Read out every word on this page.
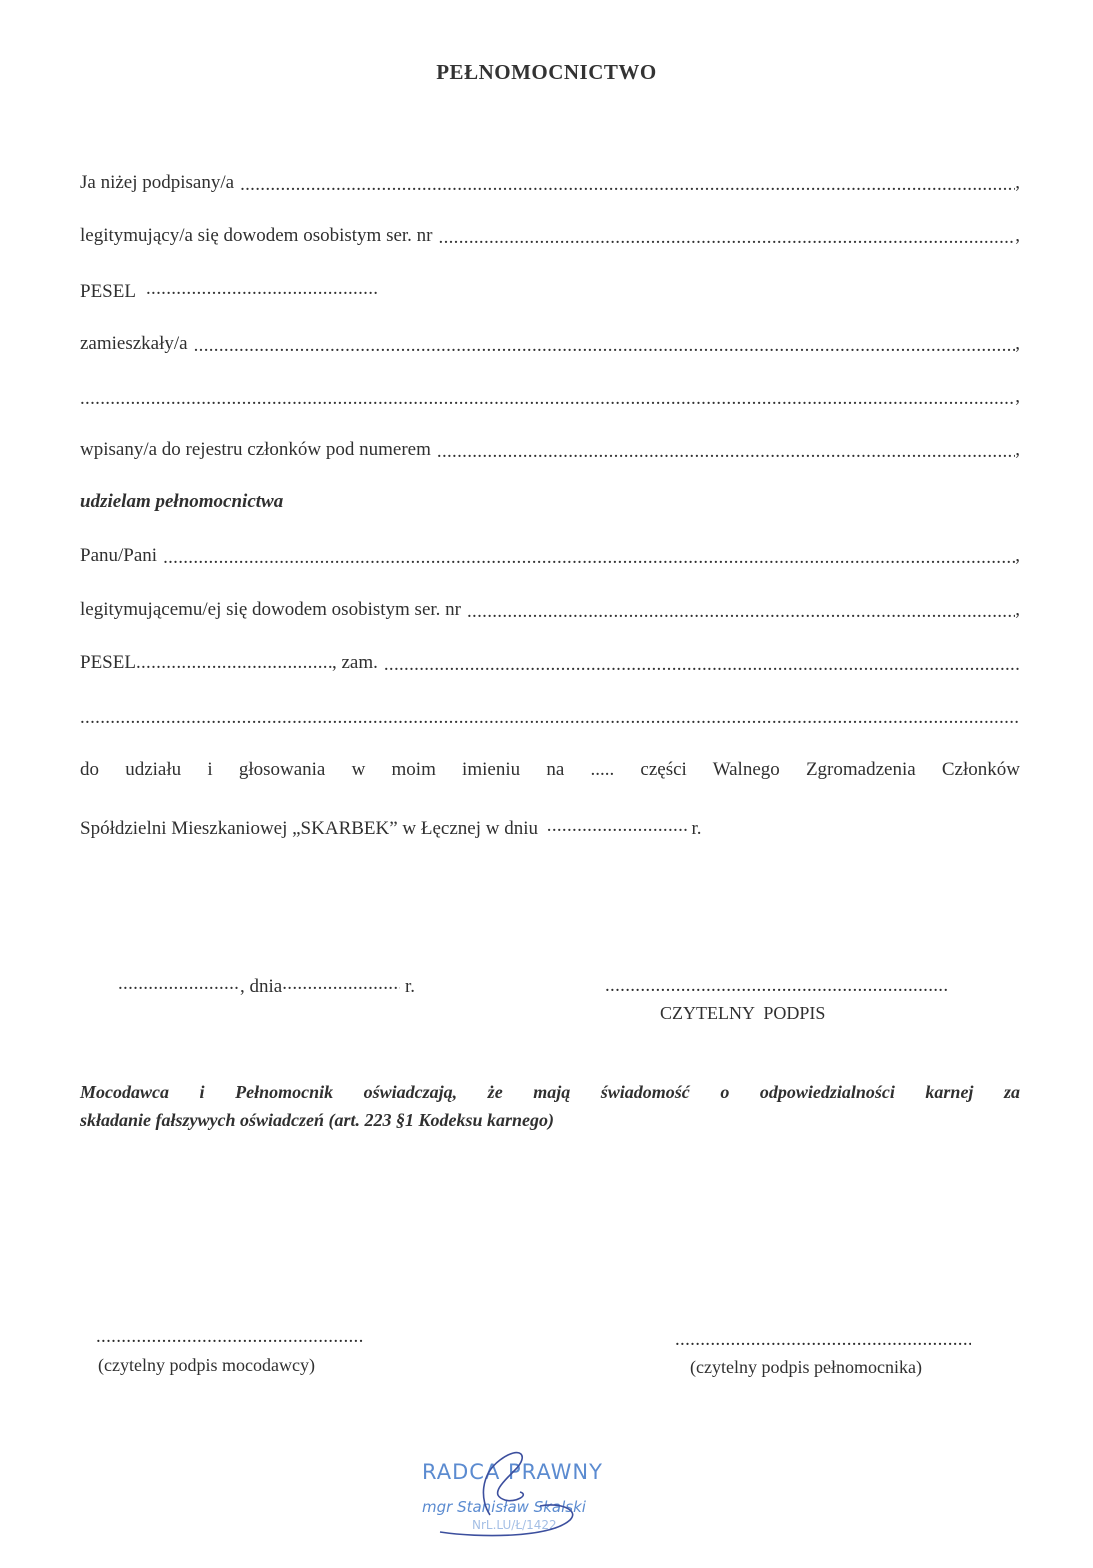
PEŁNOMOCNICTWO
Ja niżej podpisany/a .....	,
legitymujący/a się dowodem osobistym ser. nr .....	,
PESEL .....
zamieszkały/a .....	,
.....
,
wpisany/a do rejestru członków pod numerem .....	,
udzielam pełnomocnictwa
Panu/Pani .....	,
legitymującemu/ej się dowodem osobistym ser. nr .....	,
PESEL .....	, zam.
.....
.....
do udziału i głosowania w moim imieniu na ..... części Walnego Zgromadzenia Członków
Spółdzielni Mieszkaniowej „SKARBEK” w Łęcznej w dniu .....	r.
....., dnia .....	r.
.....
CZYTELNY  PODPIS
Mocodawca i Pełnomocnik oświadczają, że mają świadomość o odpowiedzialności karnej za
składanie fałszywych oświadczeń (art. 223 §1 Kodeksu karnego)
.....
(czytelny podpis mocodawcy)
.....	(czytelny podpis pełnomocnika)
RADCA PRAWNY
mgr Stanisław Skalski
NrL.LU/Ł/1422
